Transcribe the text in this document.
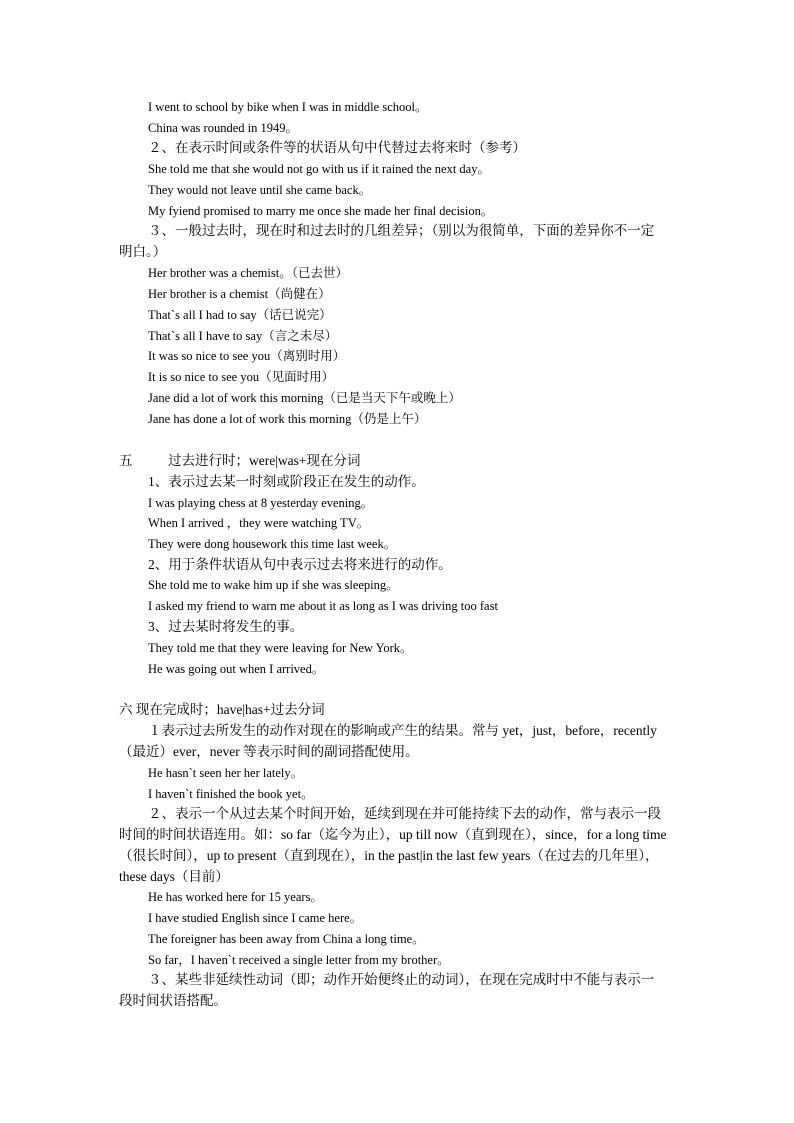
I went to school by bike when I was in middle school。
China was rounded in 1949。
２、在表示时间或条件等的状语从句中代替过去将来时（参考）
She told me that she would not go with us if it rained the next day。
They would not leave until she came back。
My fyiend promised to marry me once she made her final decision。
３、一般过去时，现在时和过去时的几组差异；（别以为很简单，下面的差异你不一定
明白。）
Her brother was a chemist。（已去世）
Her brother is a chemist（尚健在）
That`s all I had to say（话已说完）
That`s all I have to say（言之未尽）
It was so nice to see you（离别时用）
It is so nice to see you（见面时用）
Jane did a lot of work this morning（已是当天下午或晚上）
Jane has done a lot of work this morning（仍是上午）
五	过去进行时；were|was+现在分词
1、表示过去某一时刻或阶段正在发生的动作。
I was playing chess at 8 yesterday evening。
When I arrived ，they were watching TV。
They were dong housework this time last week。
2、用于条件状语从句中表示过去将来进行的动作。
She told me to wake him up if she was sleeping。
I asked my friend to warn me about it as long as I was driving too fast
3、过去某时将发生的事。
They told me that they were leaving for New York。
He was going out when I arrived。
六 现在完成时；have|has+过去分词
１表示过去所发生的动作对现在的影响或产生的结果。常与 yet，just，before，recently
（最近）ever，never 等表示时间的副词搭配使用。
He hasn`t seen her her lately。
I haven`t finished the book yet。
２、表示一个从过去某个时间开始，延续到现在并可能持续下去的动作，常与表示一段
时间的时间状语连用。如：so far（迄今为止），up till now（直到现在），since，for a long time
（很长时间），up to present（直到现在），in the past|in the last few years（在过去的几年里），
these days（目前）
He has worked here for 15 years。
I have studied English since I came here。
The foreigner has been away from China a long time。
So far，I haven`t received a single letter from my brother。
３、某些非延续性动词（即；动作开始便终止的动词），在现在完成时中不能与表示一
段时间状语搭配。
